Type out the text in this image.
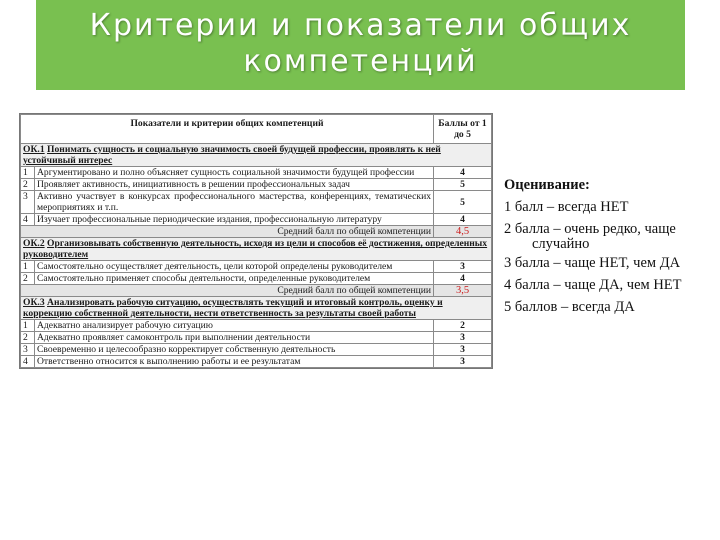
Критерии и показатели общих
компетенций
Показатели и критерии общих компетенций		Баллы от 1 до 5
ОК.1 Понимать сущность и социальную значимость своей будущей профессии, проявлять к ней устойчивый интерес		
1	Аргументировано и полно объясняет сущность социальной значимости будущей профессии	4
2	Проявляет активность, инициативность в решении профессиональных задач	5
3	Активно участвует в конкурсах профессионального мастерства, конференциях, тематических мероприятиях и т.п.	5
4	Изучает профессиональные периодические издания, профессиональную литературу	4
Средний балл по общей компетенции		4,5
ОК.2 Организовывать собственную деятельность, исходя из цели и способов её достижения, определенных руководителем		
1	Самостоятельно осуществляет деятельность, цели которой определены руководителем	3
2	Самостоятельно применяет способы деятельности, определенные руководителем	4
Средний балл по общей компетенции		3,5
ОК.3 Анализировать рабочую ситуацию, осуществлять текущий и итоговый контроль, оценку и коррекцию собственной деятельности, нести ответственность за результаты своей работы		
1	Адекватно анализирует рабочую ситуацию	2
2	Адекватно проявляет самоконтроль при выполнении деятельности	3
3	Своевременно и целесообразно корректирует собственную деятельность	3
4	Ответственно относится к выполнению работы и ее результатам	3
Оценивание:
1 балл – всегда НЕТ
2 балла – очень редко, чаще
случайно
3 балла – чаще НЕТ, чем ДА
4 балла – чаще ДА, чем НЕТ
5 баллов – всегда ДА
